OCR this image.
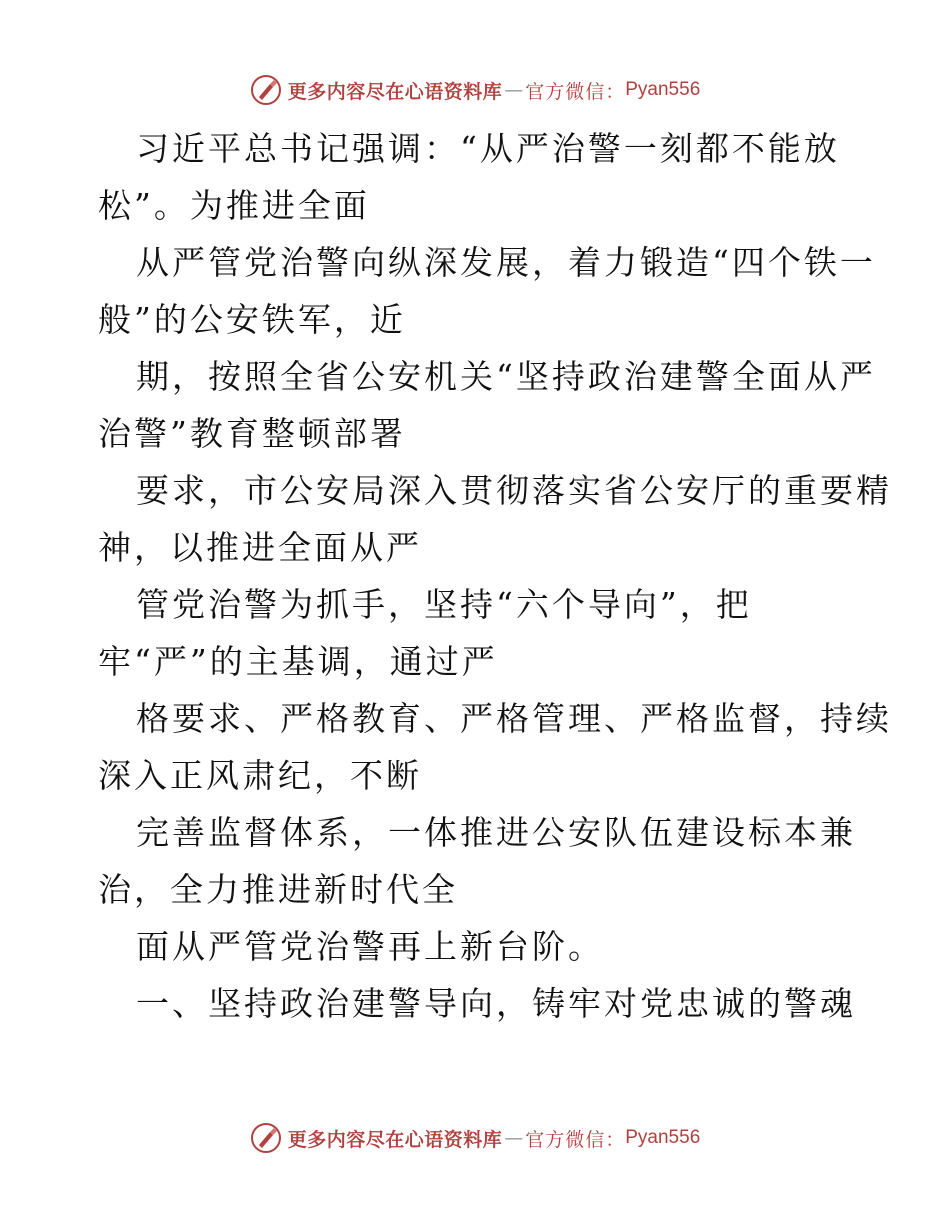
更多内容尽在心语资料库 — 官方微信： Pyan556
习近平总书记强调：“从严治警一刻都不能放
松”。为推进全面
从严管党治警向纵深发展，着力锻造“四个铁一
般”的公安铁军，近
期，按照全省公安机关“坚持政治建警全面从严
治警”教育整顿部署
要求，市公安局深入贯彻落实省公安厅的重要精
神，以推进全面从严
管党治警为抓手，坚持“六个导向”，把
牢“严”的主基调，通过严
格要求、严格教育、严格管理、严格监督，持续
深入正风肃纪，不断
完善监督体系，一体推进公安队伍建设标本兼
治，全力推进新时代全
面从严管党治警再上新台阶。
一、坚持政治建警导向，铸牢对党忠诚的警魂
更多内容尽在心语资料库 — 官方微信： Pyan556
